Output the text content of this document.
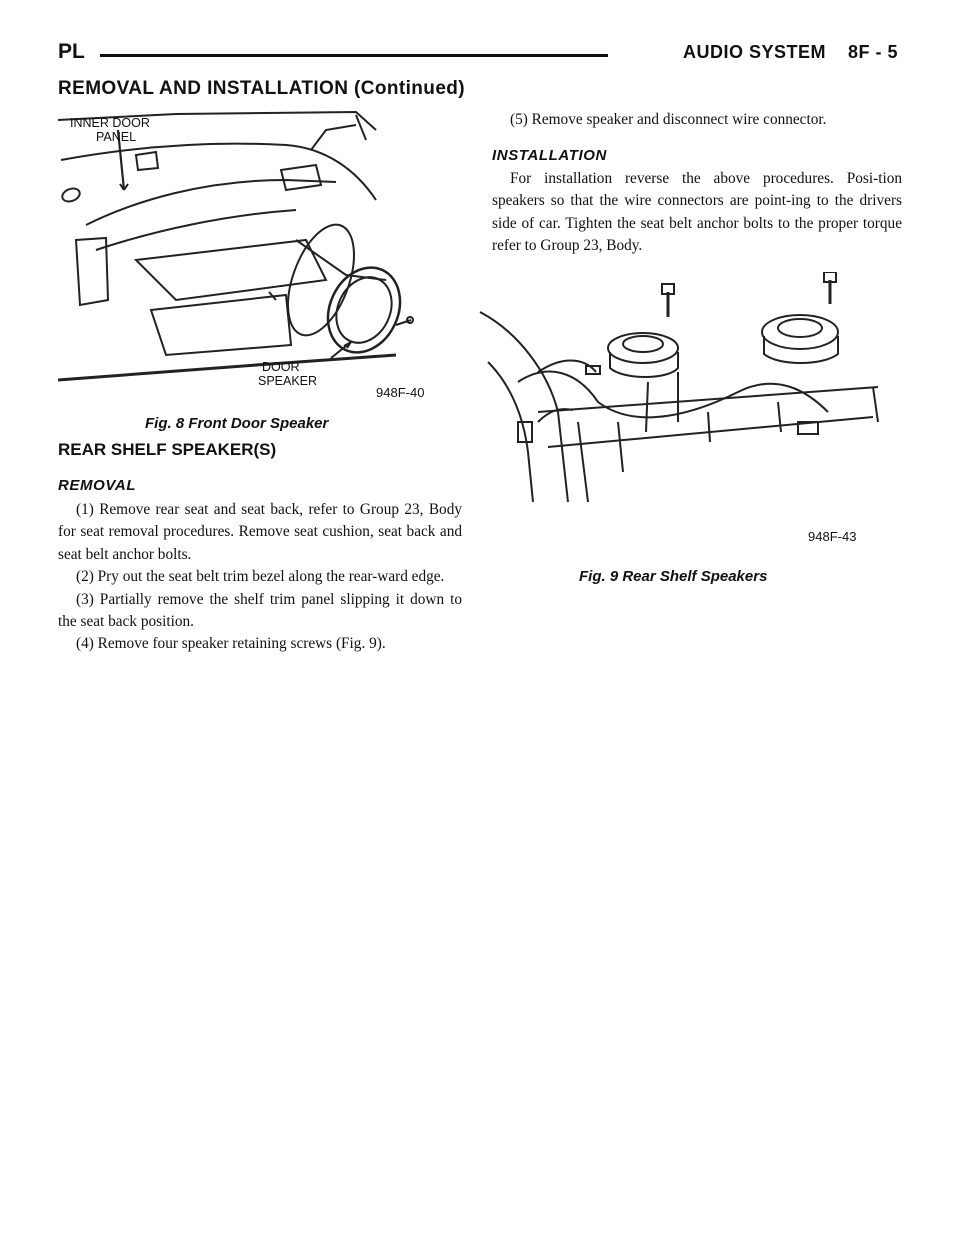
PL	AUDIO SYSTEM 8F - 5
REMOVAL AND INSTALLATION (Continued)
INNER DOOR
PANEL
DOOR
SPEAKER
948F-40
Fig. 8 Front Door Speaker
REAR SHELF SPEAKER(S)
REMOVAL

(1) Remove rear seat and seat back, refer to Group 23, Body for seat removal procedures. Remove seat cushion, seat back and seat belt anchor bolts.

(2) Pry out the seat belt trim bezel along the rear-ward edge.

(3) Partially remove the shelf trim panel slipping it down to the seat back position.

(4) Remove four speaker retaining screws (Fig. 9).

(5) Remove speaker and disconnect wire connector.

INSTALLATION

For installation reverse the above procedures. Posi-tion speakers so that the wire connectors are point-ing to the drivers side of car. Tighten the seat belt anchor bolts to the proper torque refer to Group 23, Body.

948F-43
Fig. 9 Rear Shelf Speakers
